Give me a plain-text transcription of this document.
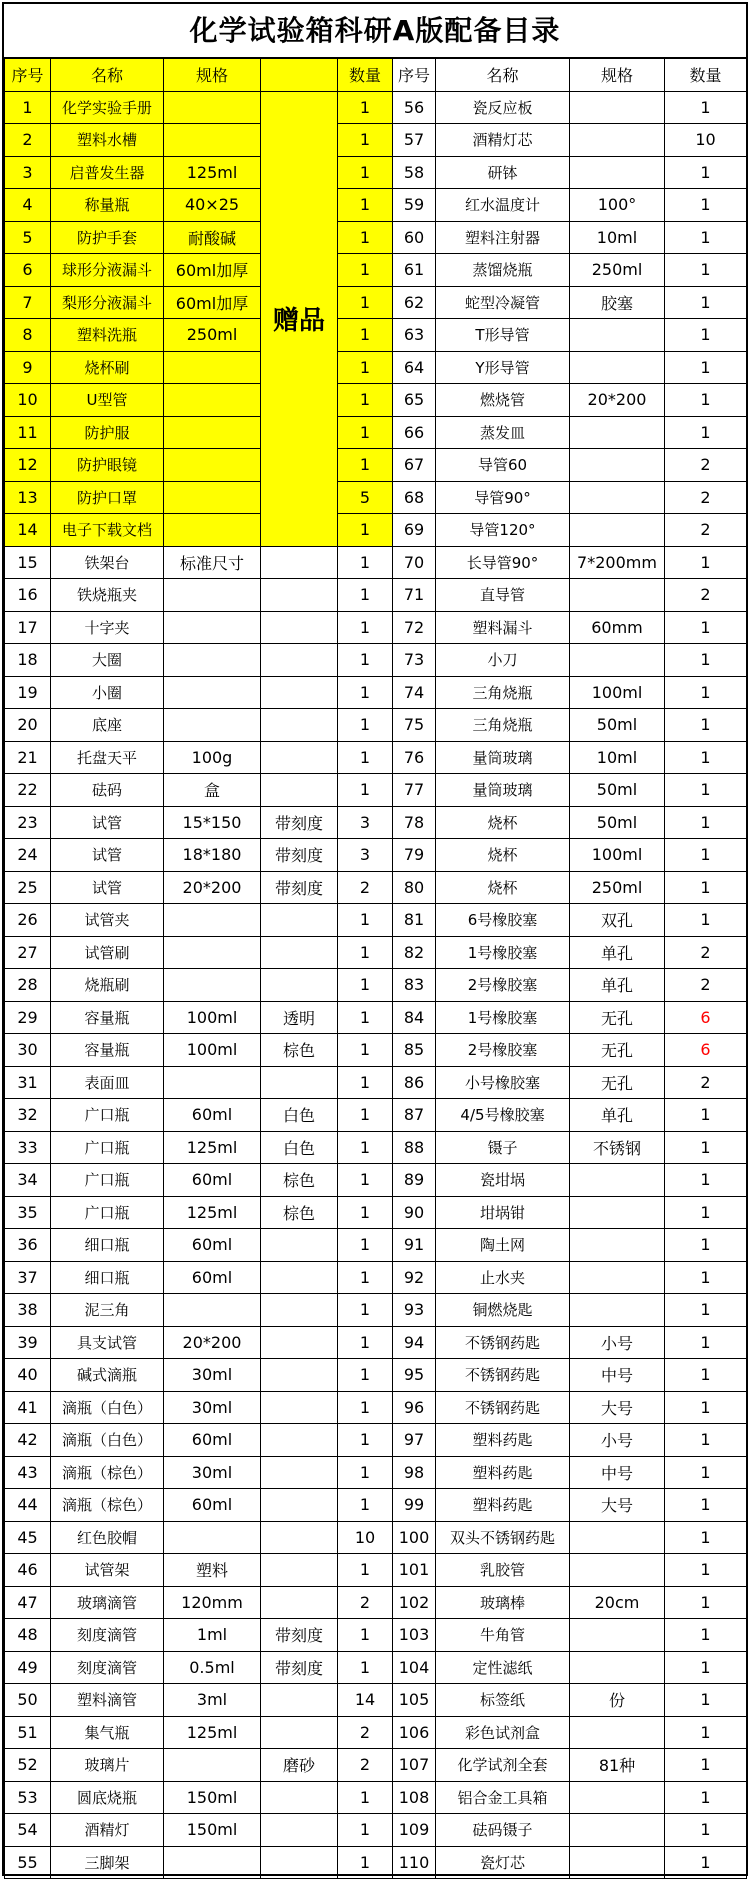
化学试验箱科研A版配备目录
序号	名称	规格		数量	序号	名称	规格	数量
1	化学实验手册		赠品	1	56	瓷反应板		1
2	塑料水槽			1	57	酒精灯芯		10
3	启普发生器	125ml		1	58	研钵		1
4	称量瓶	40×25		1	59	红水温度计	100°	1
5	防护手套	耐酸碱		1	60	塑料注射器	10ml	1
6	球形分液漏斗	60ml加厚		1	61	蒸馏烧瓶	250ml	1
7	梨形分液漏斗	60ml加厚		1	62	蛇型冷凝管	胶塞	1
8	塑料洗瓶	250ml		1	63	T形导管		1
9	烧杯刷			1	64	Y形导管		1
10	U型管			1	65	燃烧管	20*200	1
11	防护服			1	66	蒸发皿		1
12	防护眼镜			1	67	导管60		2
13	防护口罩			5	68	导管90°		2
14	电子下载文档			1	69	导管120°		2
15	铁架台	标准尺寸		1	70	长导管90°	7*200mm	1
16	铁烧瓶夹			1	71	直导管		2
17	十字夹			1	72	塑料漏斗	60mm	1
18	大圈			1	73	小刀		1
19	小圈			1	74	三角烧瓶	100ml	1
20	底座			1	75	三角烧瓶	50ml	1
21	托盘天平	100g		1	76	量筒玻璃	10ml	1
22	砝码	盒		1	77	量筒玻璃	50ml	1
23	试管	15*150	带刻度	3	78	烧杯	50ml	1
24	试管	18*180	带刻度	3	79	烧杯	100ml	1
25	试管	20*200	带刻度	2	80	烧杯	250ml	1
26	试管夹			1	81	6号橡胶塞	双孔	1
27	试管刷			1	82	1号橡胶塞	单孔	2
28	烧瓶刷			1	83	2号橡胶塞	单孔	2
29	容量瓶	100ml	透明	1	84	1号橡胶塞	无孔	6
30	容量瓶	100ml	棕色	1	85	2号橡胶塞	无孔	6
31	表面皿			1	86	小号橡胶塞	无孔	2
32	广口瓶	60ml	白色	1	87	4/5号橡胶塞	单孔	1
33	广口瓶	125ml	白色	1	88	镊子	不锈钢	1
34	广口瓶	60ml	棕色	1	89	瓷坩埚		1
35	广口瓶	125ml	棕色	1	90	坩埚钳		1
36	细口瓶	60ml		1	91	陶土网		1
37	细口瓶	60ml		1	92	止水夹		1
38	泥三角			1	93	铜燃烧匙		1
39	具支试管	20*200		1	94	不锈钢药匙	小号	1
40	碱式滴瓶	30ml		1	95	不锈钢药匙	中号	1
41	滴瓶（白色）	30ml		1	96	不锈钢药匙	大号	1
42	滴瓶（白色）	60ml		1	97	塑料药匙	小号	1
43	滴瓶（棕色）	30ml		1	98	塑料药匙	中号	1
44	滴瓶（棕色）	60ml		1	99	塑料药匙	大号	1
45	红色胶帽			10	100	双头不锈钢药匙		1
46	试管架	塑料		1	101	乳胶管		1
47	玻璃滴管	120mm		2	102	玻璃棒	20cm	1
48	刻度滴管	1ml	带刻度	1	103	牛角管		1
49	刻度滴管	0.5ml	带刻度	1	104	定性滤纸		1
50	塑料滴管	3ml		14	105	标签纸	份	1
51	集气瓶	125ml		2	106	彩色试剂盒		1
52	玻璃片		磨砂	2	107	化学试剂全套	81种	1
53	圆底烧瓶	150ml		1	108	铝合金工具箱		1
54	酒精灯	150ml		1	109	砝码镊子		1
55	三脚架			1	110	瓷灯芯		1
